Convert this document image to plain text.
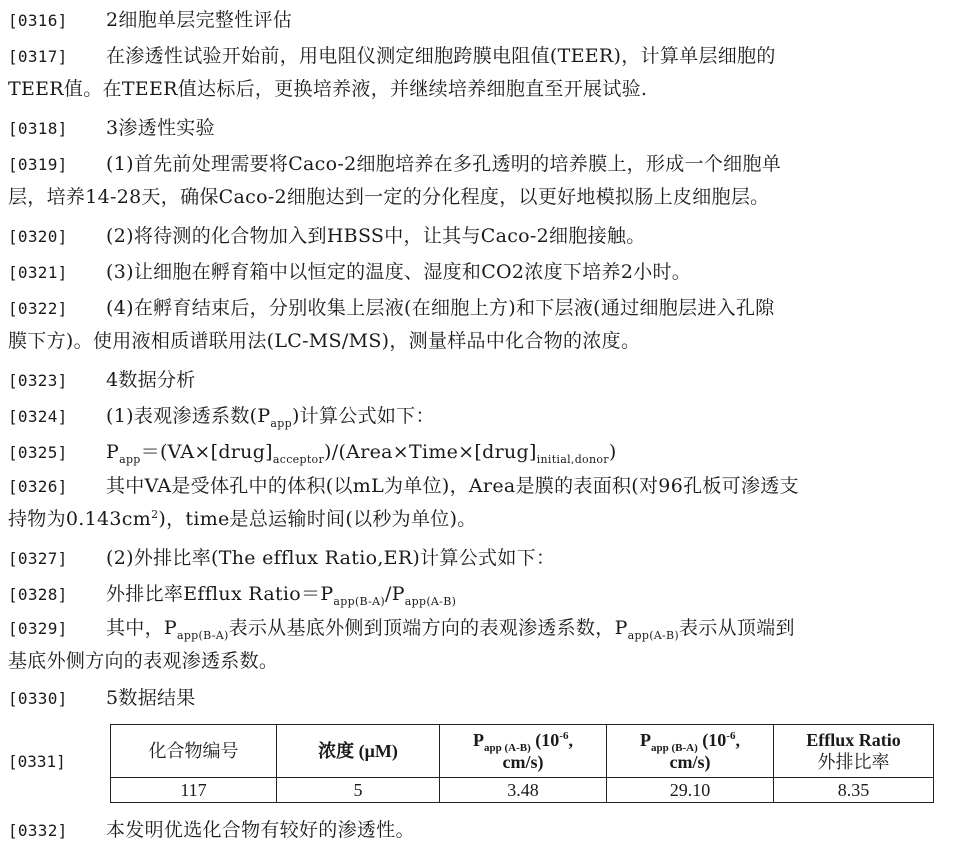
[0316] 2细胞单层完整性评估
[0317] 在渗透性试验开始前，用电阻仪测定细胞跨膜电阻值(TEER)，计算单层细胞的
TEER值。在TEER值达标后，更换培养液，并继续培养细胞直至开展试验.
[0318] 3渗透性实验
[0319] (1)首先前处理需要将Caco-2细胞培养在多孔透明的培养膜上，形成一个细胞单
层，培养14-28天，确保Caco-2细胞达到一定的分化程度，以更好地模拟肠上皮细胞层。
[0320] (2)将待测的化合物加入到HBSS中，让其与Caco-2细胞接触。
[0321] (3)让细胞在孵育箱中以恒定的温度、湿度和CO2浓度下培养2小时。
[0322] (4)在孵育结束后，分别收集上层液(在细胞上方)和下层液(通过细胞层进入孔隙
膜下方)。使用液相质谱联用法(LC-MS/MS)，测量样品中化合物的浓度。
[0323] 4数据分析
[0324] (1)表观渗透系数$(P_{app})$计算公式如下：
[0325] $P_{app}=(VA\times[drug]_{acceptor})/(Area\times Time\times[drug]_{initial,donor})$
[0326] 其中VA是受体孔中的体积(以mL为单位)，Area是膜的表面积(对96孔板可渗透支
持物为$0.143cm^2$)，time是总运输时间(以秒为单位)。
[0327] (2)外排比率(The efflux Ratio,ER)计算公式如下：
[0328] 外排比率Efflux $Ratio=P_{app(B-A)}/P_{app(A-B)}$
[0329] 其中，$P_{app(B-A)}$表示从基底外侧到顶端方向的表观渗透系数，$P_{app(A-B)}$表示从顶端到
基底外侧方向的表观渗透系数。
[0330] 5数据结果
[0331]
化合物编号	浓度 (μM)	$P_{app (A-B)}$ ($10^{-6}$,
cm/s)	$P_{app (B-A)}$ ($10^{-6}$,
cm/s)	Efflux Ratio
外排比率
117	5	3.48	29.10	8.35
[0332] 本发明优选化合物有较好的渗透性。
